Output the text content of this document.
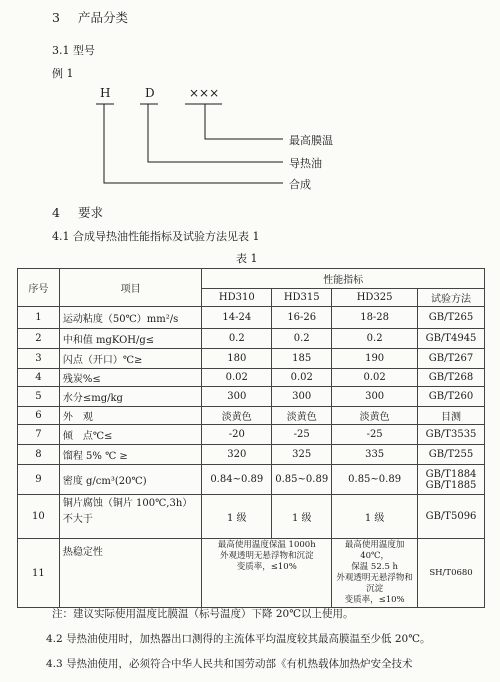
3 产品分类
3.1 型号
例 1
H	D	×××
最高膜温
导热油
合成
4 要求
4.1 合成导热油性能指标及试验方法见表 1
表 1
序号	项目	性能指标			
		HD310	HD315	HD325	试验方法
1	运动粘度（50℃）mm²/s	14-24	16-26	18-28	GB/T265
2	中和值 mgKOH/g≤	0.2	0.2	0.2	GB/T4945
3	闪点（开口）℃≥	180	185	190	GB/T267
4	残炭%≤	0.02	0.02	0.02	GB/T268
5	水分≤mg/kg	300	300	300	GB/T260
6	外　观	淡黄色	淡黄色	淡黄色	目测
7	倾　点℃≤	-20	-25	-25	GB/T3535
8	馏程 5% ℃ ≥	320	325	335	GB/T255
9	密度 g/cm³(20℃)	0.84~0.89	0.85~0.89	0.85~0.89	GB/T1884
GB/T1885
10	铜片腐蚀（铜片 100℃,3h）
不大于	1 级	1 级	1 级	GB/T5096
11	热稳定性	最高使用温度保温 1000h
外观透明无悬浮物和沉淀
变质率，≤10%		最高使用温度加 40℃，
保温 52.5 h
外观透明无悬浮物和沉淀
变质率，≤10%	SH/T0680
注：建议实际使用温度比膜温（标号温度）下降 20℃以上使用。
4.2 导热油使用时，加热器出口测得的主流体平均温度较其最高膜温至少低 20℃。
4.3 导热油使用，必须符合中华人民共和国劳动部《有机热载体加热炉安全技术
